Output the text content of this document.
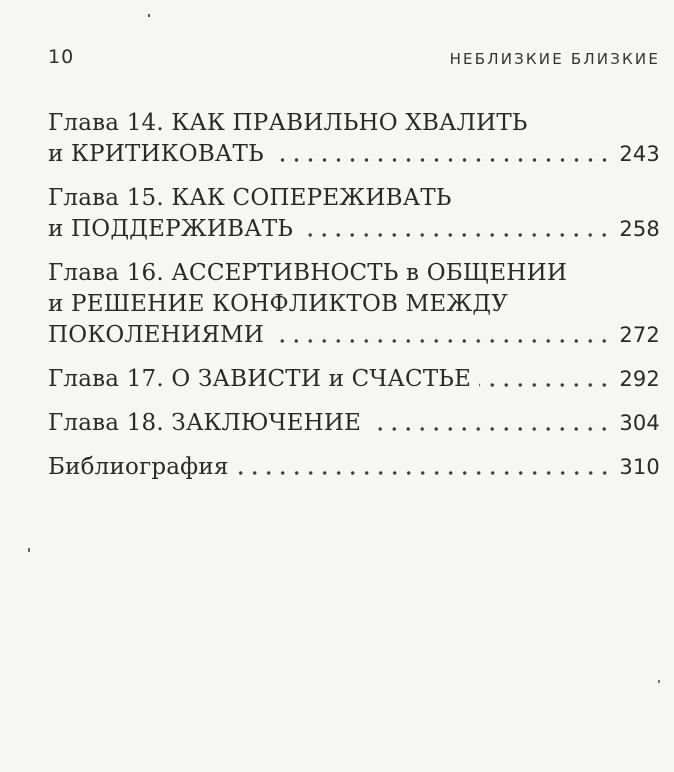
10	НЕБЛИЗКИЕ БЛИЗКИЕ
Глава 14. КАК ПРАВИЛЬНО ХВАЛИТЬ
и КРИТИКОВАТЬ	243
Глава 15. КАК СОПЕРЕЖИВАТЬ
и ПОДДЕРЖИВАТЬ	258
Глава 16. АССЕРТИВНОСТЬ в ОБЩЕНИИ
и РЕШЕНИЕ КОНФЛИКТОВ МЕЖДУ
ПОКОЛЕНИЯМИ	272
Глава 17. О ЗАВИСТИ и СЧАСТЬЕ	292
Глава 18. ЗАКЛЮЧЕНИЕ	304
Библиография	310
